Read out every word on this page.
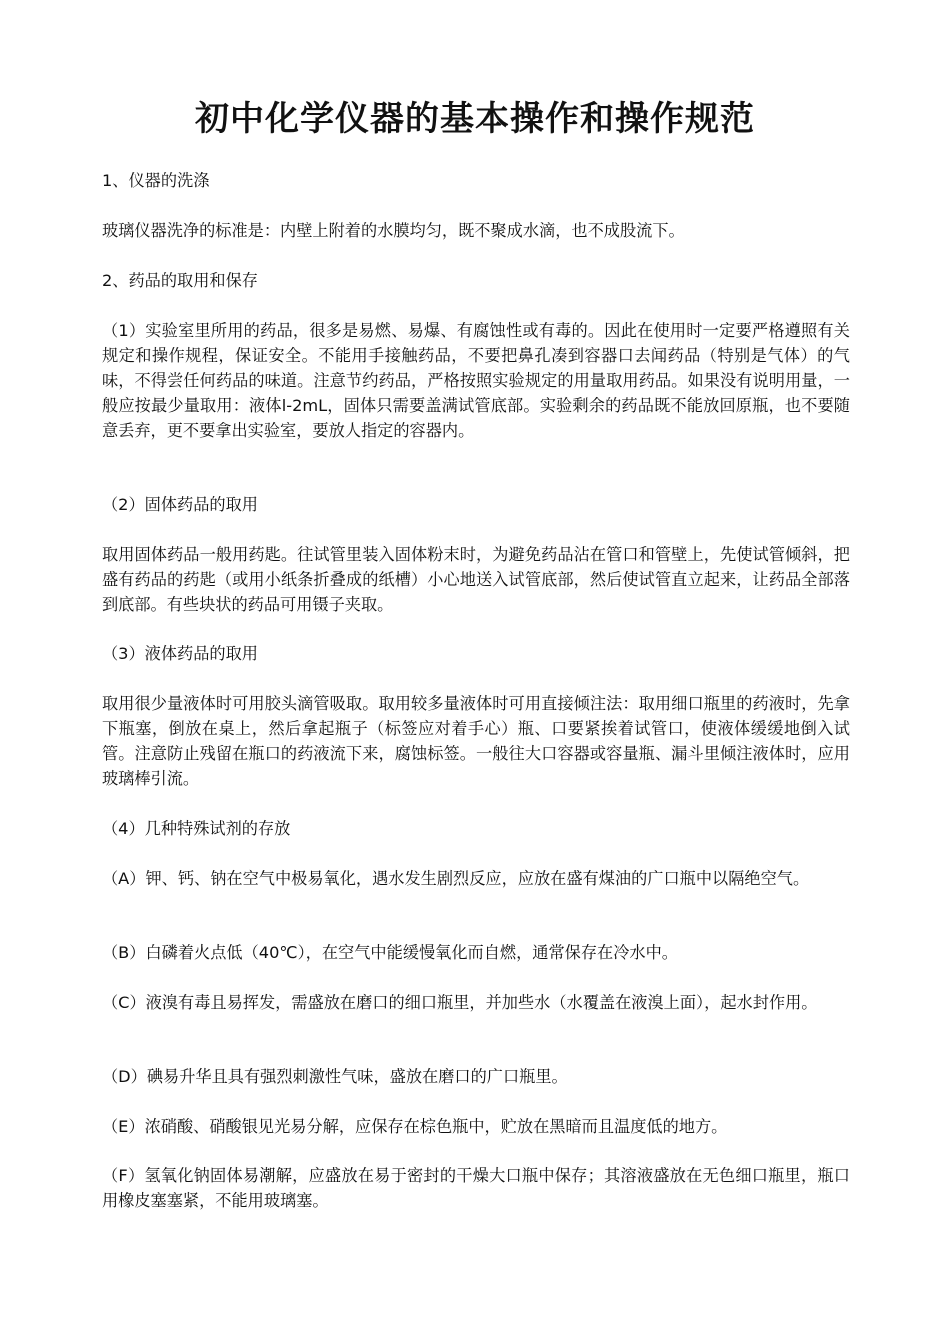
初中化学仪器的基本操作和操作规范

1、仪器的洗涤

玻璃仪器洗净的标准是：内壁上附着的水膜均匀，既不聚成水滴，也不成股流下。

2、药品的取用和保存

（1）实验室里所用的药品，很多是易燃、易爆、有腐蚀性或有毒的。因此在使用时一定要严格遵照有关规定和操作规程，保证安全。不能用手接触药品，不要把鼻孔凑到容器口去闻药品（特别是气体）的气味，不得尝任何药品的味道。注意节约药品，严格按照实验规定的用量取用药品。如果没有说明用量，一般应按最少量取用：液体l-2mL，固体只需要盖满试管底部。实验剩余的药品既不能放回原瓶，也不要随意丢弃，更不要拿出实验室，要放人指定的容器内。

（2）固体药品的取用

取用固体药品一般用药匙。往试管里装入固体粉末时，为避免药品沾在管口和管壁上，先使试管倾斜，把盛有药品的药匙（或用小纸条折叠成的纸槽）小心地送入试管底部，然后使试管直立起来，让药品全部落到底部。有些块状的药品可用镊子夹取。

（3）液体药品的取用

取用很少量液体时可用胶头滴管吸取。取用较多量液体时可用直接倾注法：取用细口瓶里的药液时，先拿下瓶塞，倒放在桌上，然后拿起瓶子（标签应对着手心）瓶、口要紧挨着试管口，使液体缓缓地倒入试管。注意防止残留在瓶口的药液流下来，腐蚀标签。一般往大口容器或容量瓶、漏斗里倾注液体时，应用玻璃棒引流。

（4）几种特殊试剂的存放

（A）钾、钙、钠在空气中极易氧化，遇水发生剧烈反应，应放在盛有煤油的广口瓶中以隔绝空气。

（B）白磷着火点低（40℃），在空气中能缓慢氧化而自燃，通常保存在冷水中。

（C）液溴有毒且易挥发，需盛放在磨口的细口瓶里，并加些水（水覆盖在液溴上面），起水封作用。

（D）碘易升华且具有强烈刺激性气味，盛放在磨口的广口瓶里。

（E）浓硝酸、硝酸银见光易分解，应保存在棕色瓶中，贮放在黑暗而且温度低的地方。

（F）氢氧化钠固体易潮解，应盛放在易于密封的干燥大口瓶中保存；其溶液盛放在无色细口瓶里，瓶口用橡皮塞塞紧，不能用玻璃塞。
